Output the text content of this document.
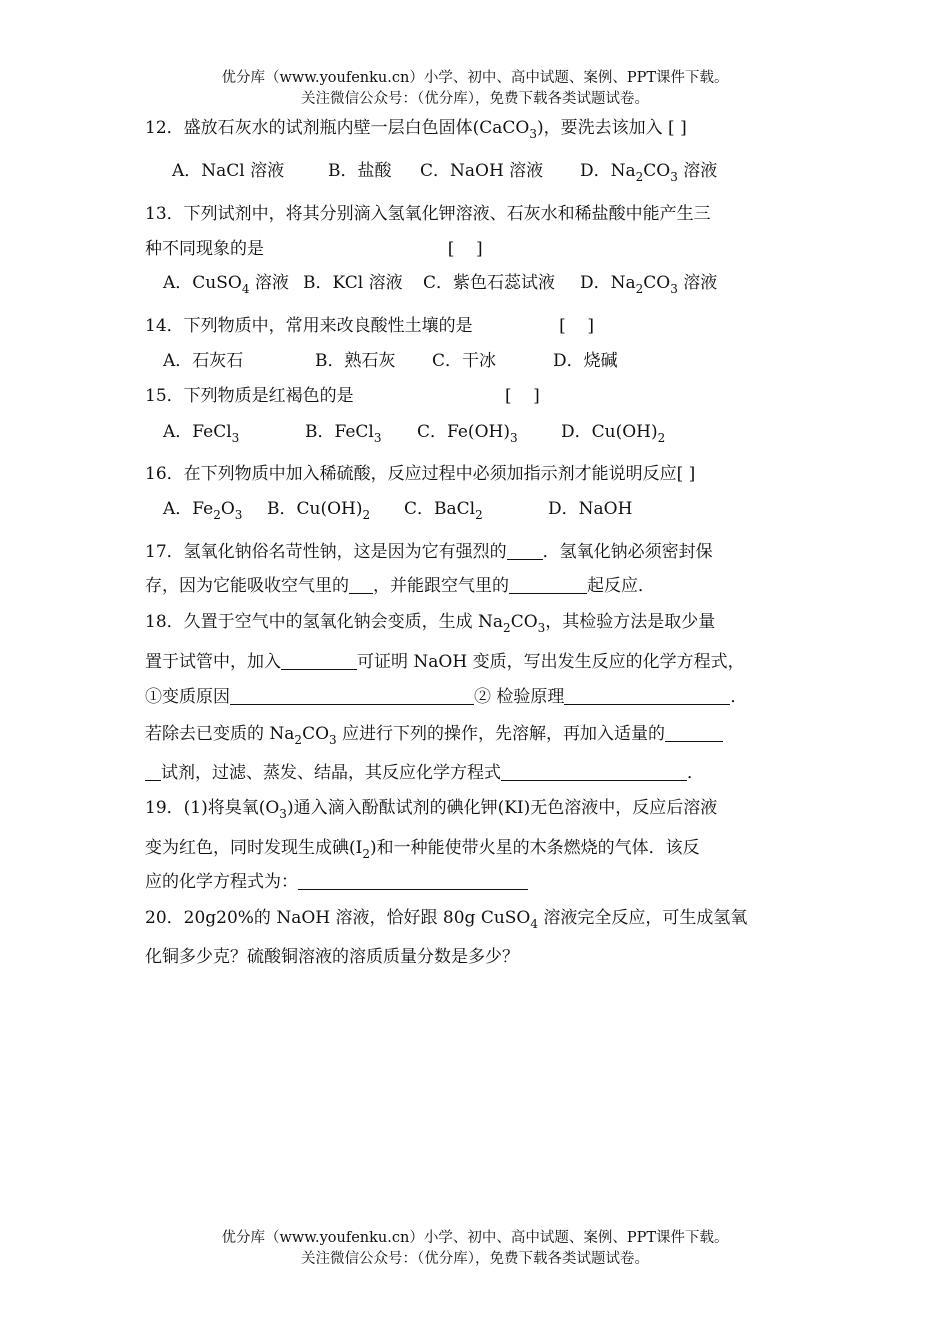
优分库（www.youfenku.cn）小学、初中、高中试题、案例、PPT课件下载。
关注微信公众号：（优分库），免费下载各类试题试卷。
12．盛放石灰水的试剂瓶内壁一层白色固体(CaCO$_3$)，要洗去该加入 [ ]
A．NaCl 溶液	B．盐酸 C．NaOH 溶液 D．$Na_2CO_3$ 溶液
13．下列试剂中，将其分别滴入氢氧化钾溶液、石灰水和稀盐酸中能产生三
种不同现象的是                                  [    ]
A．CuSO$_4$ 溶液 B．KCl 溶液 C．紫色石蕊试液 D．$Na_2CO_3$ 溶液
14．下列物质中，常用来改良酸性土壤的是                [    ]
A．石灰石	B．熟石灰 C．干冰	D．烧碱
15．下列物质是红褐色的是                            [    ]
A．FeCl$_3$	B．FeCl$_3$ C．$Fe(OH)_3$	D．$Cu(OH)_2$
16．在下列物质中加入稀硫酸，反应过程中必须加指示剂才能说明反应[ ]
A．$Fe_2O_3$ B．$Cu(OH)_2$ C．BaCl$_2$	D．NaOH
17．氢氧化钠俗名苛性钠，这是因为它有强烈的 ．氢氧化钠必须密封保
存，因为它能吸收空气里的 ，并能跟空气里的	起反应．
18．久置于空气中的氢氧化钠会变质，生成 $Na_2CO_3$，其检验方法是取少量
置于试管中，加入	可证明 NaOH 变质，写出发生反应的化学方程式，
①变质原因	② 检验原理	．
若除去已变质的 $Na_2CO_3$ 应进行下列的操作，先溶解，再加入适量的
试剂，过滤、蒸发、结晶，其反应化学方程式	．
19．(1)将臭氧$(O_3)$通入滴入酚酞试剂的碘化钾(KI)无色溶液中，反应后溶液
变为红色，同时发现生成碘$(I_2)$和一种能使带火星的木条燃烧的气体．该反
应的化学方程式为：
20．20g20%的 NaOH 溶液，恰好跟 80g CuSO$_4$ 溶液完全反应，可生成氢氧
化铜多少克？硫酸铜溶液的溶质质量分数是多少？
优分库（www.youfenku.cn）小学、初中、高中试题、案例、PPT课件下载。
关注微信公众号：（优分库），免费下载各类试题试卷。
